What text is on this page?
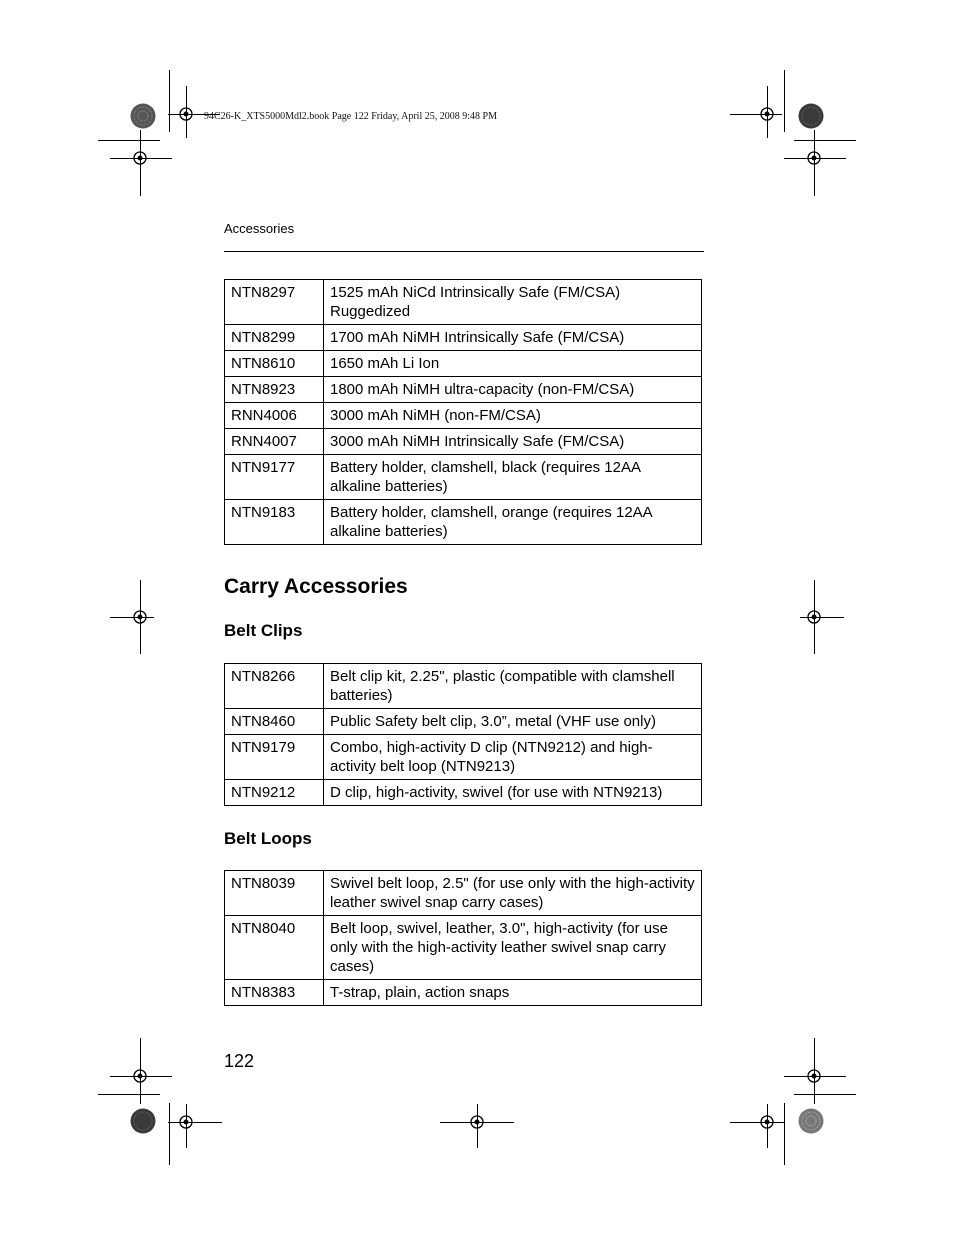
94C26-K_XTS5000Mdl2.book Page 122 Friday, April 25, 2008 9:48 PM
Accessories
NTN8297	1525 mAh NiCd Intrinsically Safe (FM/CSA) Ruggedized
NTN8299	1700 mAh NiMH Intrinsically Safe (FM/CSA)
NTN8610	1650 mAh Li Ion
NTN8923	1800 mAh NiMH ultra-capacity (non-FM/CSA)
RNN4006	3000 mAh NiMH (non-FM/CSA)
RNN4007	3000 mAh NiMH Intrinsically Safe (FM/CSA)
NTN9177	Battery holder, clamshell, black (requires 12AA alkaline batteries)
NTN9183	Battery holder, clamshell, orange (requires 12AA alkaline batteries)
Carry Accessories
Belt Clips
NTN8266	Belt clip kit, 2.25", plastic (compatible with clamshell batteries)
NTN8460	Public Safety belt clip, 3.0”, metal (VHF use only)
NTN9179	Combo, high-activity D clip (NTN9212) and high-activity belt loop (NTN9213)
NTN9212	D clip, high-activity, swivel (for use with NTN9213)
Belt Loops
NTN8039	Swivel belt loop, 2.5" (for use only with the high-activity leather swivel snap carry cases)
NTN8040	Belt loop, swivel, leather, 3.0", high-activity (for use only with the high-activity leather swivel snap carry cases)
NTN8383	T-strap, plain, action snaps
122
